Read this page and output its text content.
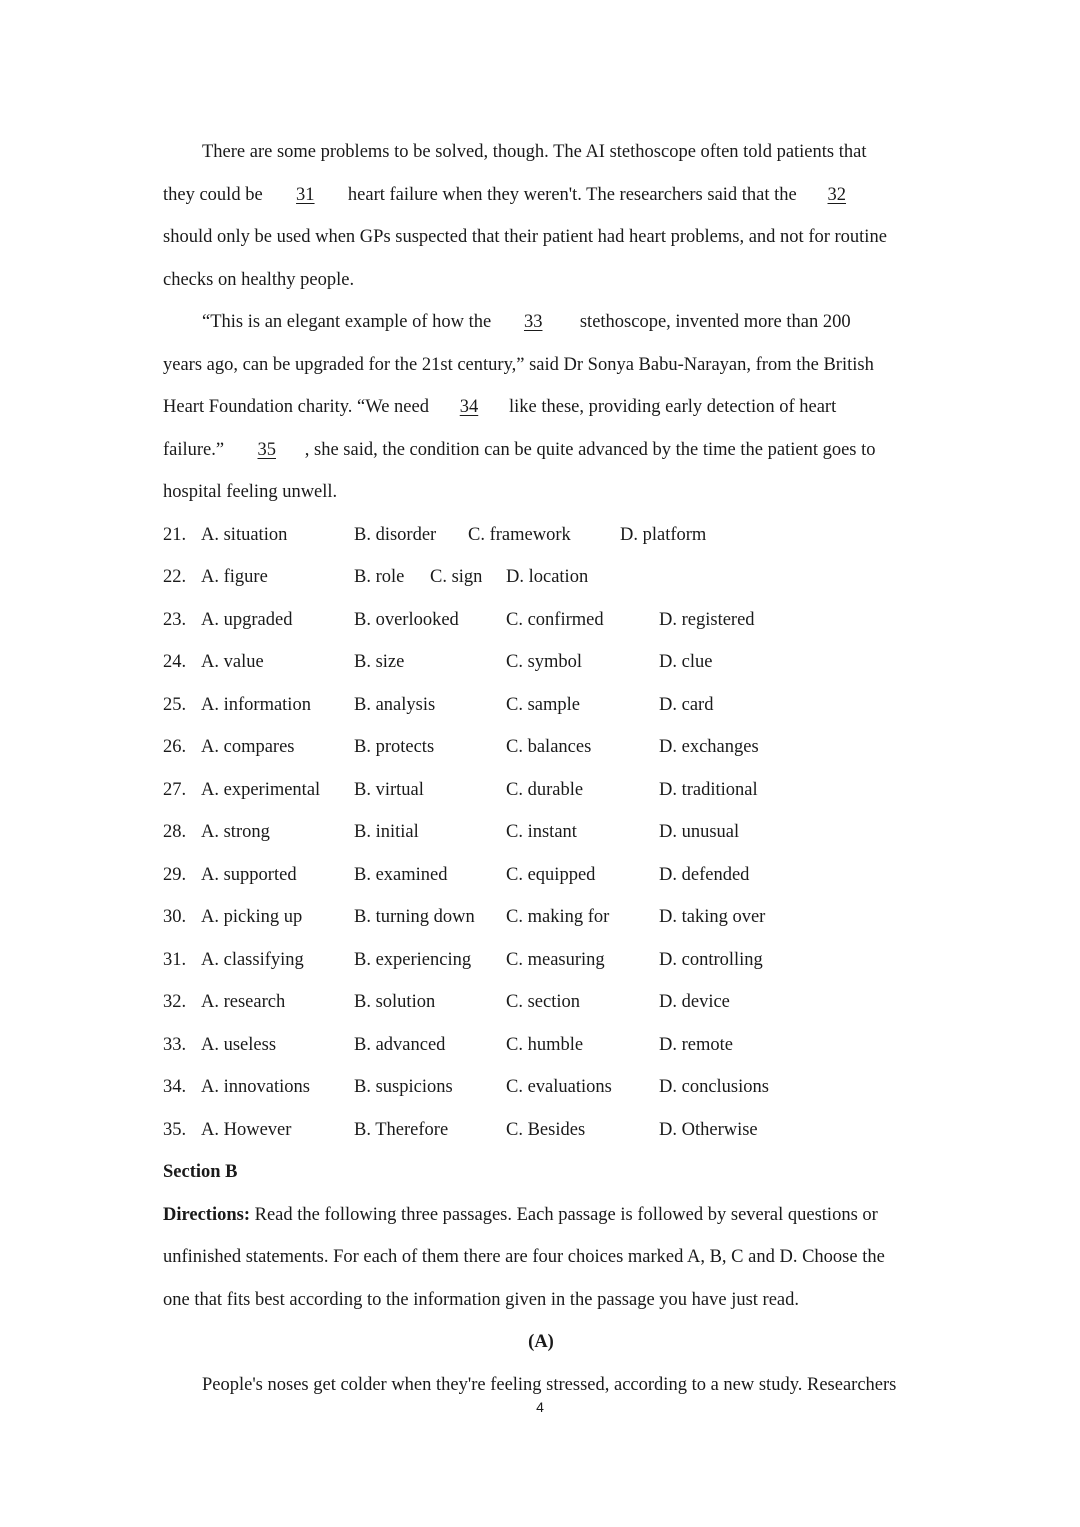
There are some problems to be solved, though. The AI stethoscope often told patients that
they could be 31 heart failure when they weren't. The researchers said that the 32
should only be used when GPs suspected that their patient had heart problems, and not for routine
checks on healthy people.
“This is an elegant example of how the 33 stethoscope, invented more than 200
years ago, can be upgraded for the 21st century,” said Dr Sonya Babu-Narayan, from the British
Heart Foundation charity. “We need 34 like these, providing early detection of heart
failure.” 35 , she said, the condition can be quite advanced by the time the patient goes to
hospital feeling unwell.
21. A. situation	B. disorder C. framework	D. platform
22. A. figure	B. role C. sign D. location
23. A. upgraded	B. overlooked	C. confirmed	D. registered
24. A. value	B. size	C. symbol	D. clue
25. A. information B. analysis	C. sample	D. card
26. A. compares	B. protects	C. balances	D. exchanges
27. A. experimental B. virtual	C. durable	D. traditional
28. A. strong	B. initial	C. instant	D. unusual
29. A. supported	B. examined	C. equipped	D. defended
30. A. picking up	B. turning down C. making for	D. taking over
31. A. classifying	B. experiencing C. measuring	D. controlling
32. A. research	B. solution	C. section	D. device
33. A. useless	B. advanced	C. humble	D. remote
34. A. innovations B. suspicions	C. evaluations	D. conclusions
35. A. However	B. Therefore	C. Besides	D. Otherwise
Section B
Directions: Read the following three passages. Each passage is followed by several questions or
unfinished statements. For each of them there are four choices marked A, B, C and D. Choose the
one that fits best according to the information given in the passage you have just read.
(A)
People's noses get colder when they're feeling stressed, according to a new study. Researchers
4
